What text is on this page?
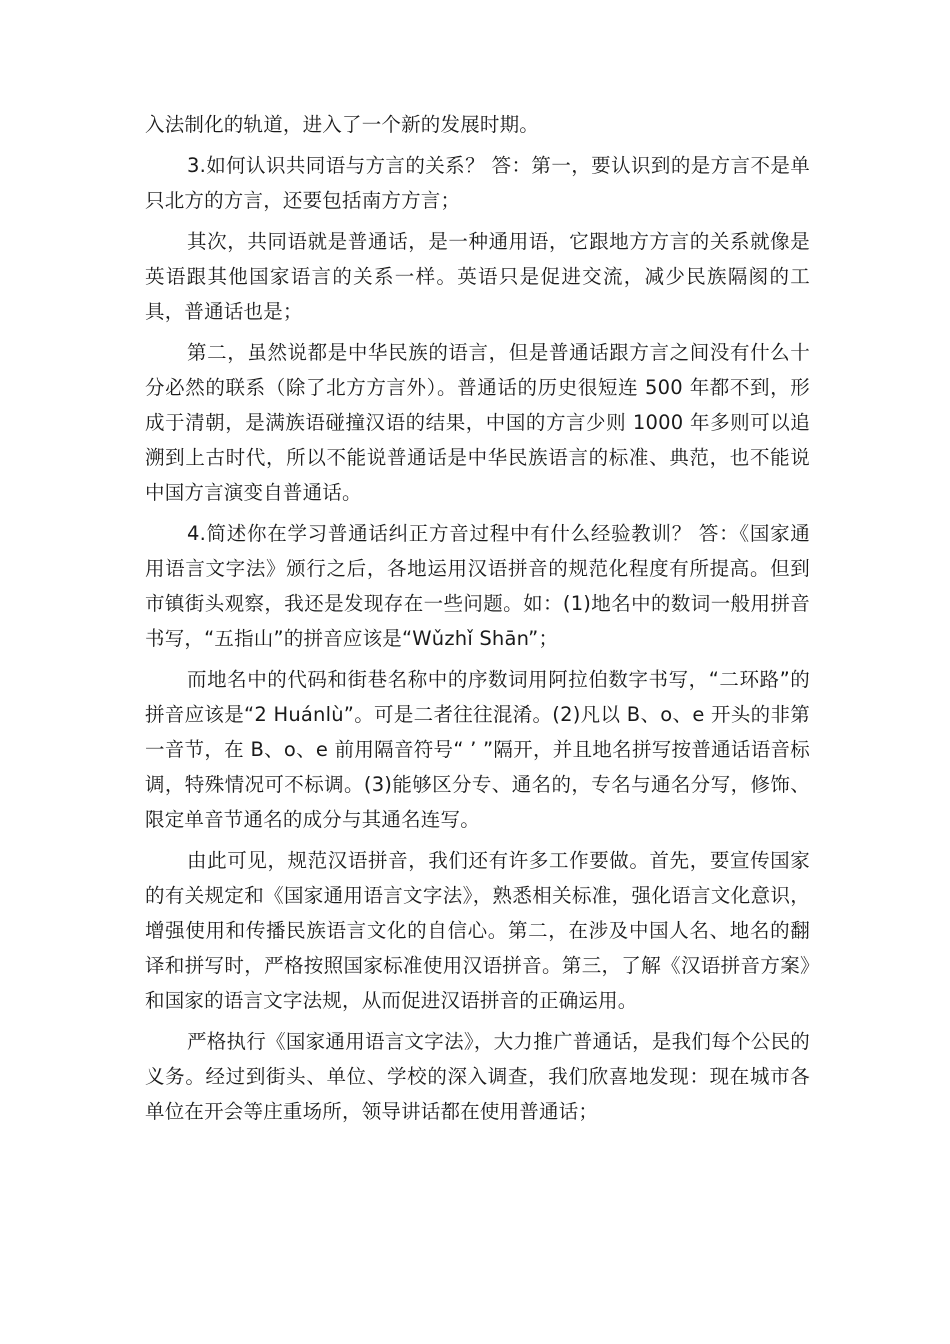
入法制化的轨道，进入了一个新的发展时期。

3.如何认识共同语与方言的关系？ 答：第一，要认识到的是方言不是单只北方的方言，还要包括南方方言；

其次，共同语就是普通话，是一种通用语，它跟地方方言的关系就像是英语跟其他国家语言的关系一样。英语只是促进交流，减少民族隔阂的工具，普通话也是；

第二，虽然说都是中华民族的语言，但是普通话跟方言之间没有什么十分必然的联系（除了北方方言外）。普通话的历史很短连 500 年都不到，形成于清朝，是满族语碰撞汉语的结果，中国的方言少则 1000 年多则可以追溯到上古时代，所以不能说普通话是中华民族语言的标准、典范，也不能说中国方言演变自普通话。

4.简述你在学习普通话纠正方音过程中有什么经验教训？ 答：《国家通用语言文字法》颁行之后，各地运用汉语拼音的规范化程度有所提高。但到市镇街头观察，我还是发现存在一些问题。如：(1)地名中的数词一般用拼音书写，“五指山”的拼音应该是“Wǔzhǐ Shān”；

而地名中的代码和街巷名称中的序数词用阿拉伯数字书写，“二环路”的拼音应该是“2 Huánlù”。可是二者往往混淆。(2)凡以 B、o、e 开头的非第一音节，在 B、o、e 前用隔音符号“ ’ ”隔开，并且地名拼写按普通话语音标调，特殊情况可不标调。(3)能够区分专、通名的，专名与通名分写，修饰、限定单音节通名的成分与其通名连写。

由此可见，规范汉语拼音，我们还有许多工作要做。首先，要宣传国家的有关规定和《国家通用语言文字法》，熟悉相关标准，强化语言文化意识，增强使用和传播民族语言文化的自信心。第二，在涉及中国人名、地名的翻译和拼写时，严格按照国家标准使用汉语拼音。第三，了解《汉语拼音方案》和国家的语言文字法规，从而促进汉语拼音的正确运用。

严格执行《国家通用语言文字法》，大力推广普通话，是我们每个公民的义务。经过到街头、单位、学校的深入调查，我们欣喜地发现：现在城市各单位在开会等庄重场所，领导讲话都在使用普通话；
